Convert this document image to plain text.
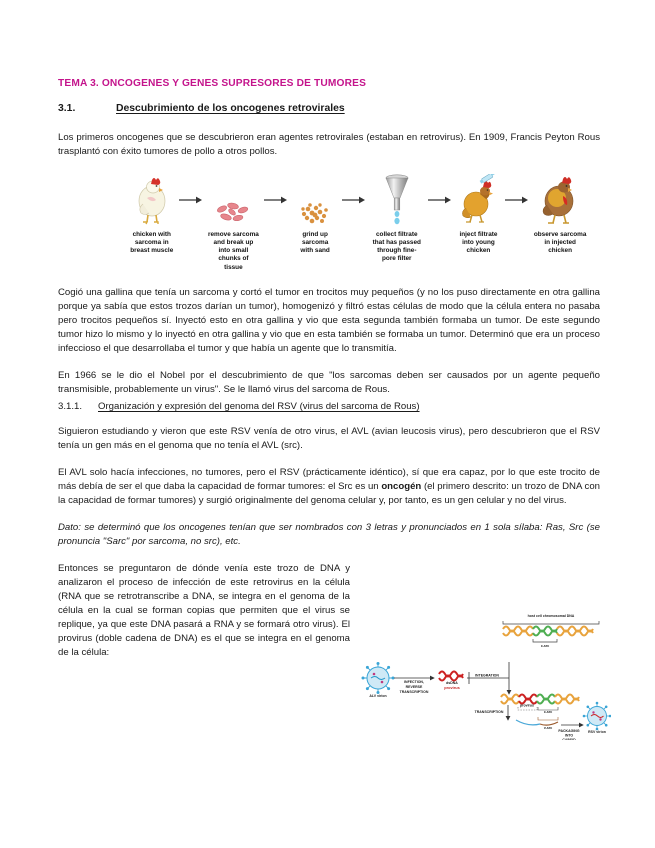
TEMA 3. ONCOGENES Y GENES SUPRESORES DE TUMORES
3.1.	Descubrimiento de los oncogenes retrovirales

Los primeros oncogenes que se descubrieron eran agentes retrovirales (estaban en retrovirus). En 1909, Francis Peyton Rous trasplantó con éxito tumores de pollo a otros pollos.

chicken with
sarcoma in
breast muscle
remove sarcoma
and break up
into small
chunks of
tissue
grind up
sarcoma
with sand
collect filtrate
that has passed
through fine-
pore filter
inject filtrate
into young
chicken
observe sarcoma
in injected
chicken

Cogió una gallina que tenía un sarcoma y cortó el tumor en trocitos muy pequeños (y no los puso directamente en otra gallina porque ya sabía que estos trozos darían un tumor), homogenizó y filtró estas células de modo que la célula entera no pasaba pero trocitos pequeños sí. Inyectó esto en otra gallina y vio que esta segunda también formaba un tumor. De este segundo tumor hizo lo mismo y lo inyectó en otra gallina y vio que en esta también se formaba un tumor. Determinó que era un proceso infeccioso el que desarrollaba el tumor y que había un agente que lo transmitía.

En 1966 se le dio el Nobel por el descubrimiento de que "los sarcomas deben ser causados por un agente pequeño transmisible, probablemente un virus". Se le llamó virus del sarcoma de Rous.

3.1.1.	Organización y expresión del genoma del RSV (virus del sarcoma de Rous)

Siguieron estudiando y vieron que este RSV venía de otro virus, el AVL (avian leucosis virus), pero descubrieron que el RSV tenía un gen más en el genoma que no tenía el AVL (src).

El AVL solo hacía infecciones, no tumores, pero el RSV (prácticamente idéntico), sí que era capaz, por lo que este trocito de más debía de ser el que daba la capacidad de formar tumores: el Src es un oncogén (el primero descrito: un trozo de DNA con la capacidad de formar tumores) y surgió originalmente del genoma celular y, por tanto, es un gen celular y no del virus.

Dato: se determinó que los oncogenes tenían que ser nombrados con 3 letras y pronunciados en 1 sola sílaba: Ras, Src (se pronuncia "Sarc" por sarcoma, no src), etc.

Entonces se preguntaron de dónde venía este trozo de DNA y analizaron el proceso de infección de este retrovirus en la célula (RNA que se retrotranscribe a DNA, se integra en el genoma de la célula en la cual se forman copias que permiten que el virus se replique, ya que este DNA pasará a RNA y se formará otro virus). El provirus (doble cadena de DNA) es el que se integra en el genoma de la célula:

ALV virion
INFECTION,
REVERSE
TRANSCRIPTION
dsDNA
provirus
INTEGRATION
host cell chromosomal DNA
c-src
provirus
c-src
TRANSCRIPTION
v-src
PACKAGING
INTO
CAPSID
RSV virion
